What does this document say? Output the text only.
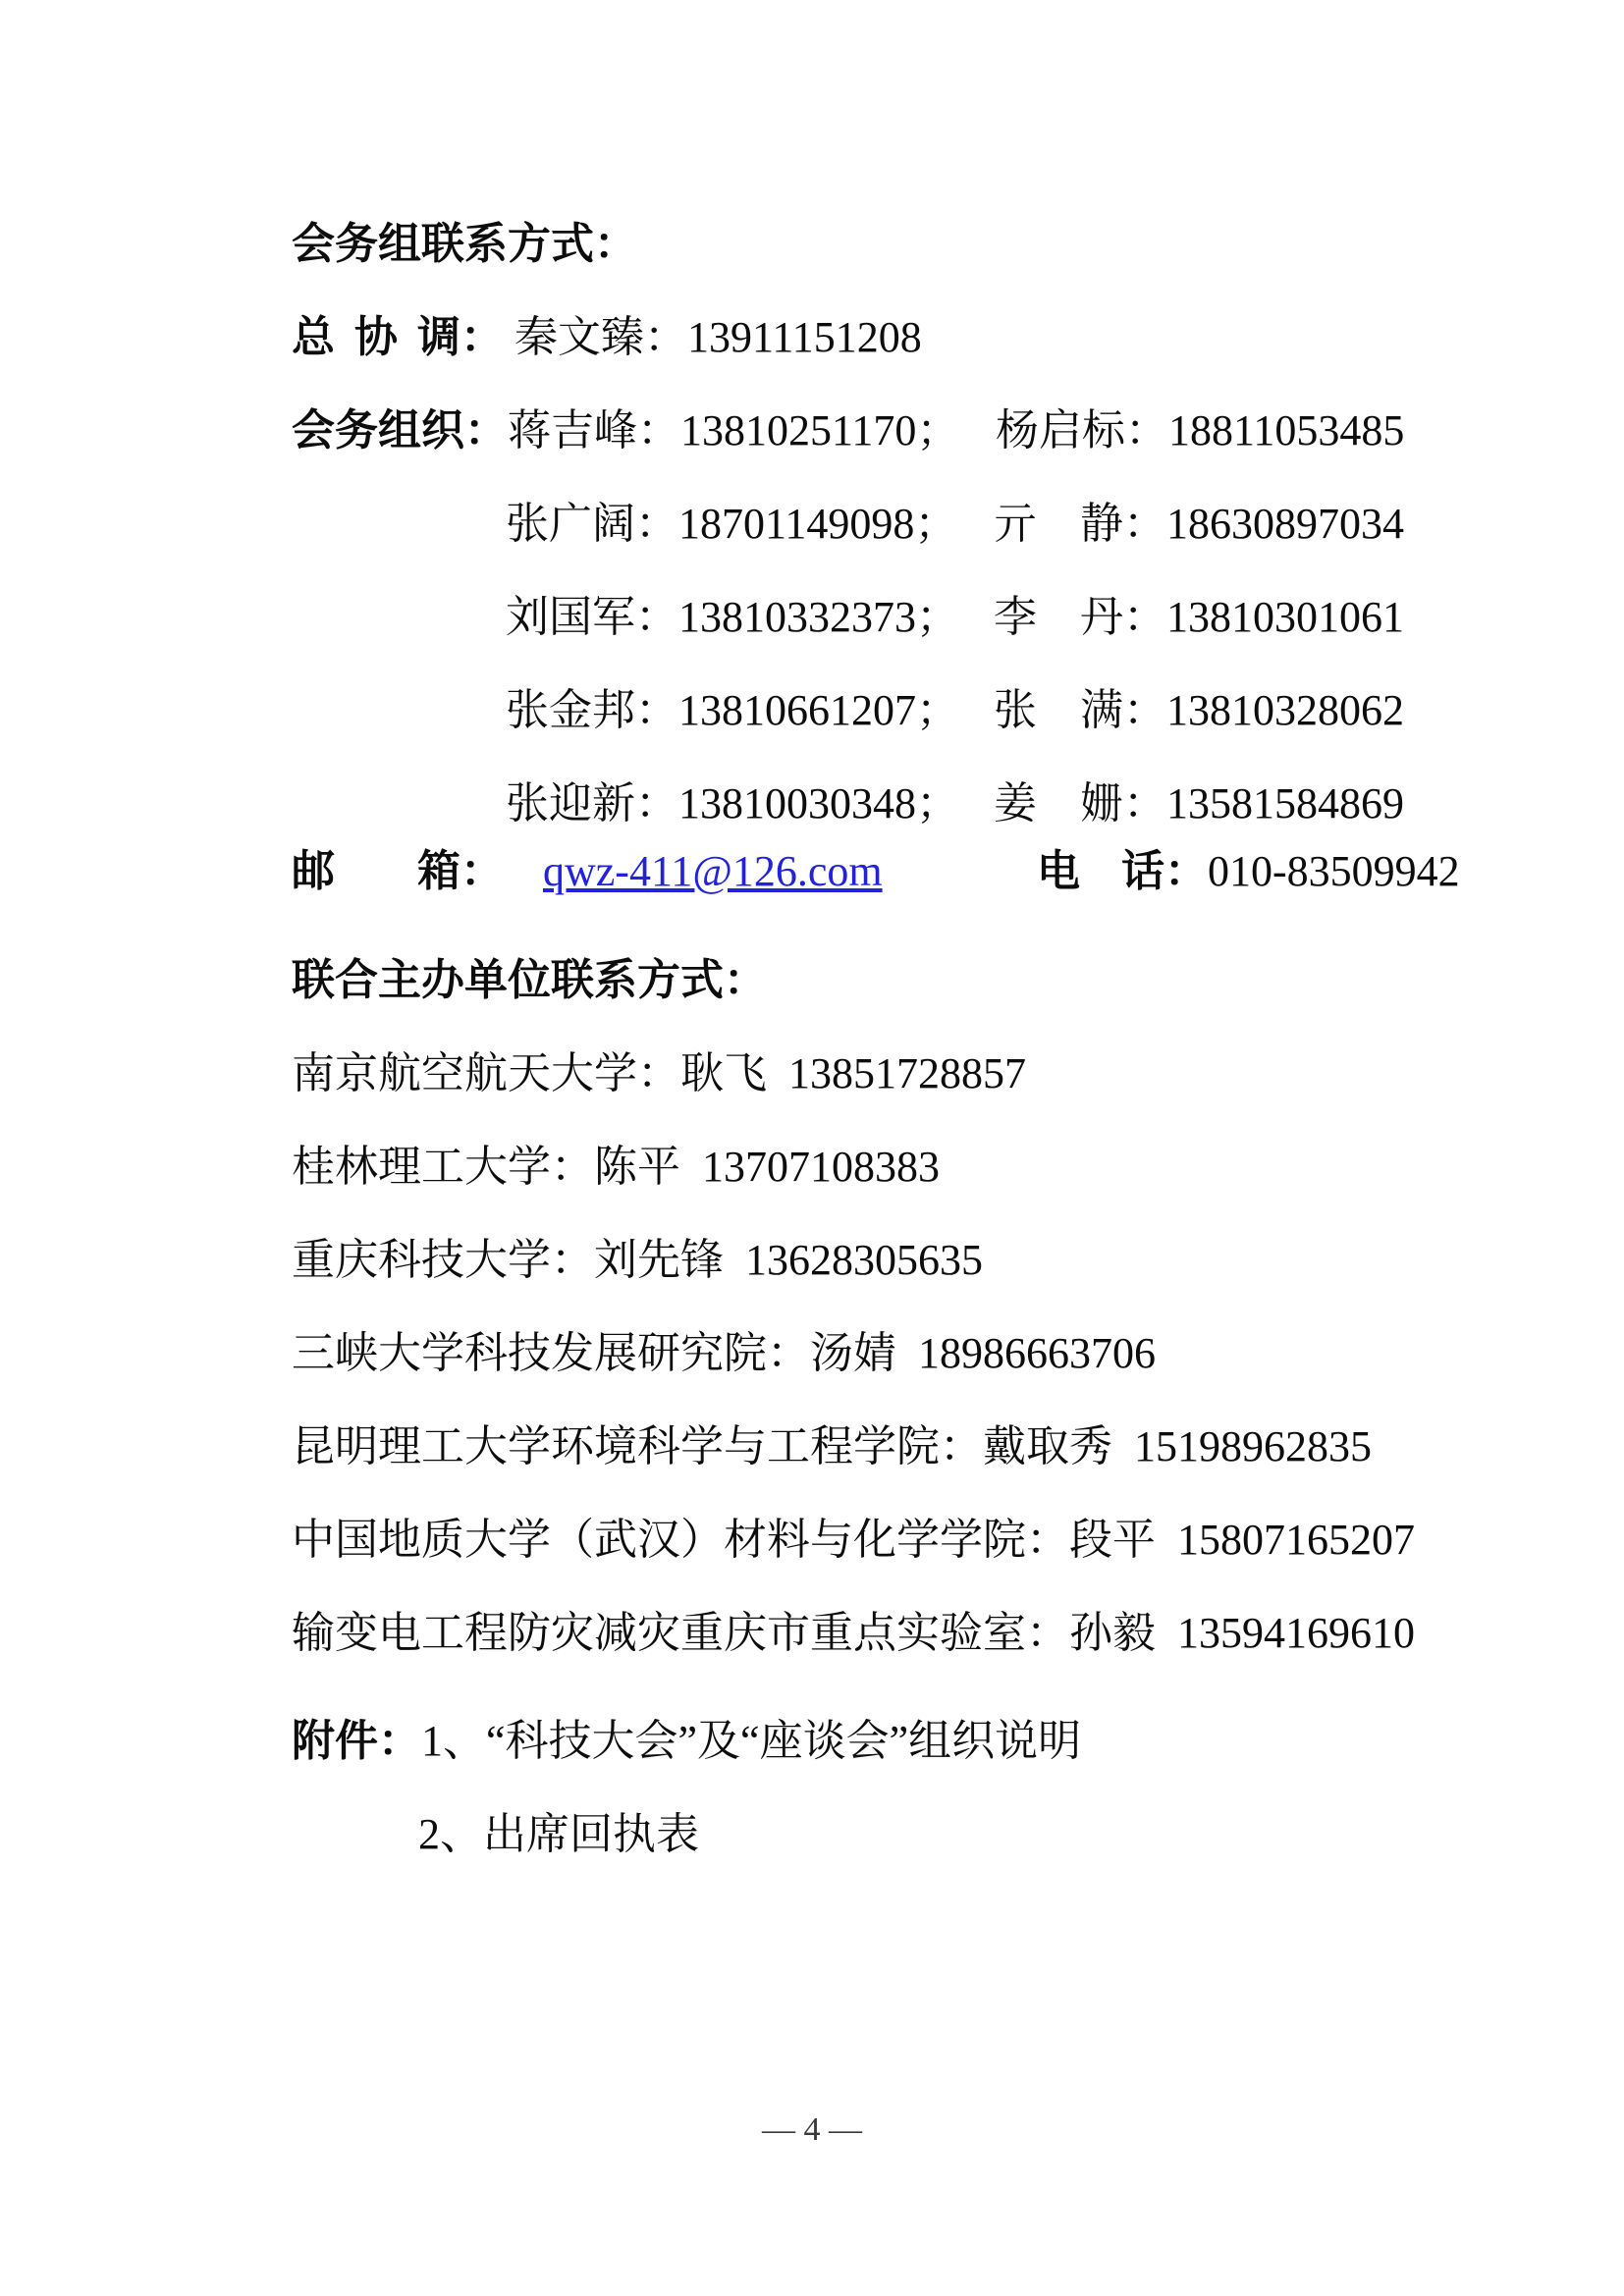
会务组联系方式：

总协调： 秦文臻：13911151208

会务组织：蒋吉峰：13810251170； 杨启标：18811053485

张广阔：18701149098； 亓　静：18630897034

刘国军：13810332373； 李　丹：13810301061

张金邦：13810661207； 张　满：13810328062

张迎新：13810030348； 姜　姗：13581584869

邮箱： qwz-411@126.com	电话：010-83509942

联合主办单位联系方式：

南京航空航天大学：耿飞  13851728857

桂林理工大学：陈平  13707108383

重庆科技大学：刘先锋  13628305635

三峡大学科技发展研究院：汤婧  18986663706

昆明理工大学环境科学与工程学院：戴取秀  15198962835

中国地质大学（武汉）材料与化学学院：段平  15807165207

输变电工程防灾减灾重庆市重点实验室：孙毅  13594169610

附件：1、“科技大会”及“座谈会”组织说明

2、出席回执表

— 4 —
